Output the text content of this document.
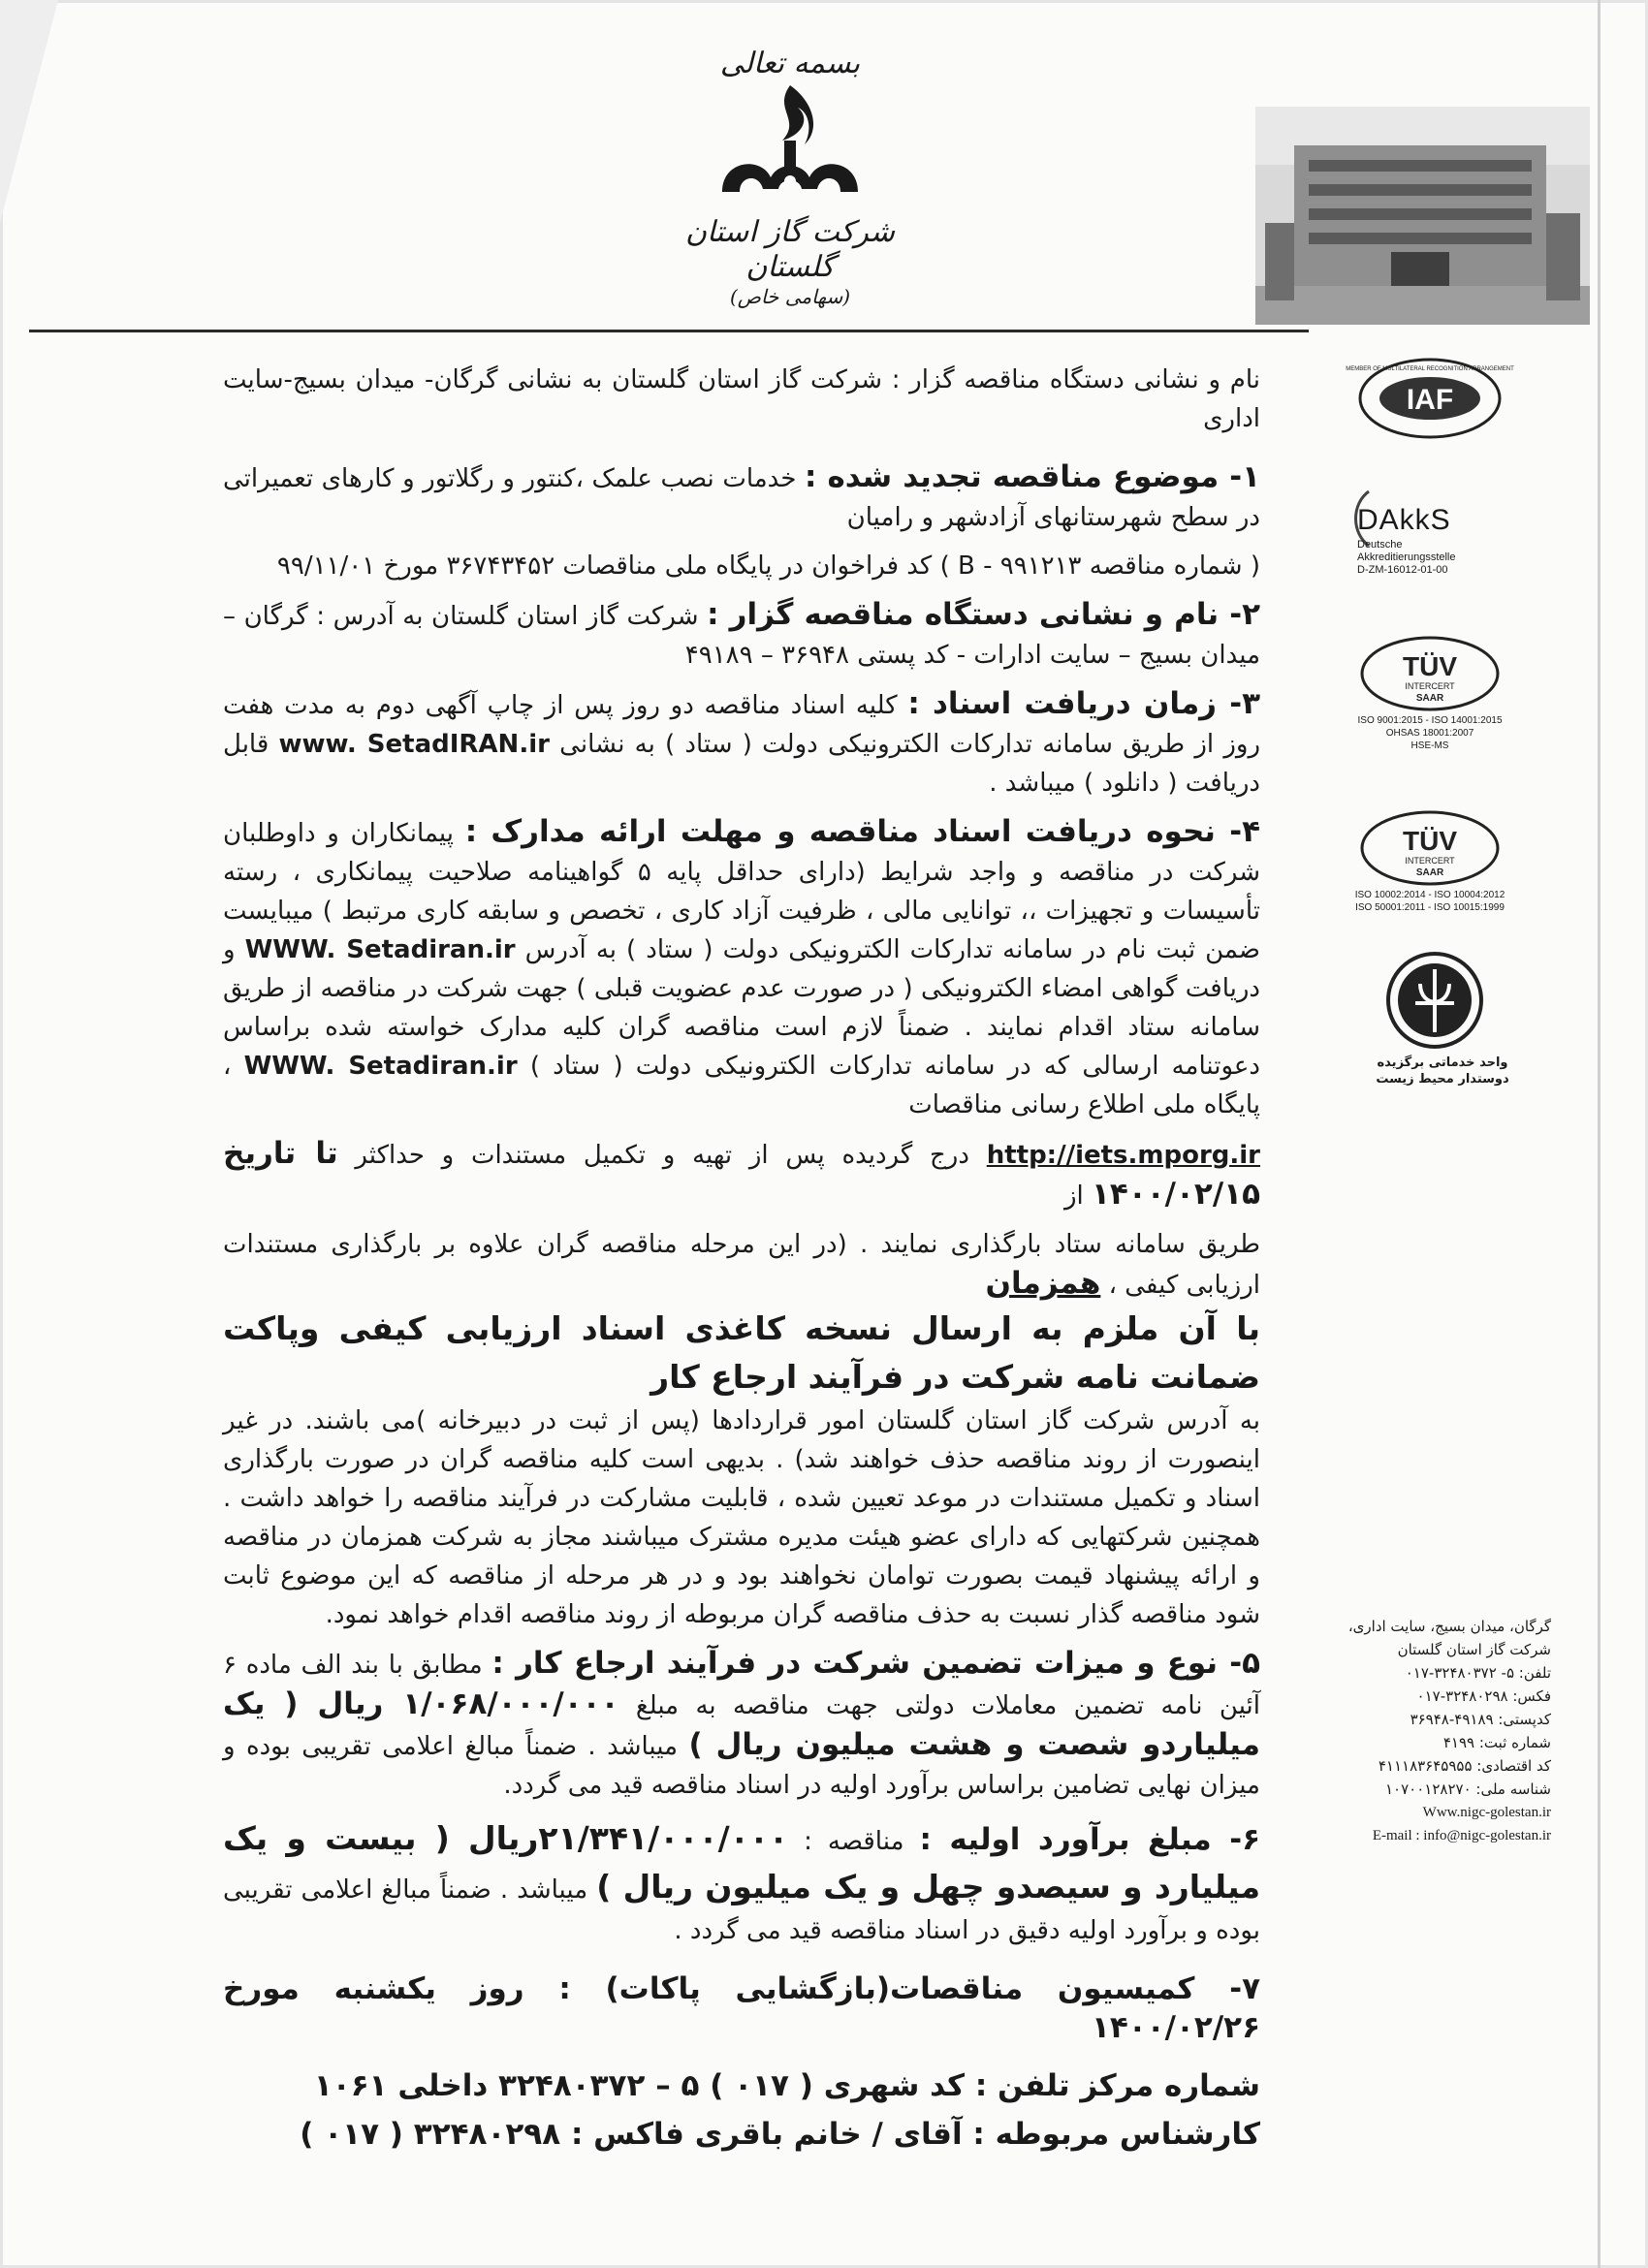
بسمه تعالی
شرکت گاز استان گلستان
(سهامی خاص)
IAF
MEMBER OF MULTILATERAL RECOGNITION ARRANGEMENT
DAkkS
Deutsche
Akkreditierungsstelle
D-ZM-16012-01-00
TÜV
INTERCERT
SAAR
ISO 9001:2015 - ISO 14001:2015
OHSAS 18001:2007
HSE-MS
TÜV
INTERCERT
SAAR
ISO 10002:2014 - ISO 10004:2012
ISO 50001:2011 - ISO 10015:1999
واحد خدماتی برگزیده
دوستدار محیط زیست

نام و نشانی دستگاه مناقصه گزار : شرکت گاز استان گلستان به نشانی گرگان- میدان بسیج-سایت اداری

۱- موضوع مناقصه تجدید شده : خدمات نصب علمک ،کنتور و رگلاتور و کارهای تعمیراتی در سطح شهرستانهای آزادشهر و رامیان

( شماره مناقصه B - ۹۹۱۲۱۳ ) کد فراخوان در پایگاه ملی مناقصات ۳۶۷۴۳۴۵۲ مورخ ۹۹/۱۱/۰۱

۲- نام و نشانی دستگاه مناقصه گزار : شرکت گاز استان گلستان به آدرس : گرگان – میدان بسیج – سایت ادارات - کد پستی ۳۶۹۴۸ – ۴۹۱۸۹

۳- زمان دریافت اسناد : کلیه اسناد مناقصه دو روز پس از چاپ آگهی دوم به مدت هفت روز از طریق سامانه تدارکات الکترونیکی دولت ( ستاد ) به نشانی www. SetadIRAN.ir قابل دریافت ( دانلود ) میباشد .

۴- نحوه دریافت اسناد مناقصه و مهلت ارائه مدارک : پیمانکاران و داوطلبان شرکت در مناقصه و واجد شرایط (دارای حداقل پایه ۵ گواهینامه صلاحیت پیمانکاری ، رسته تأسیسات و تجهیزات ،، توانایی مالی ، ظرفیت آزاد کاری ، تخصص و سابقه کاری مرتبط ) میبایست ضمن ثبت نام در سامانه تدارکات الکترونیکی دولت ( ستاد ) به آدرس WWW. Setadiran.ir و دریافت گواهی امضاء الکترونیکی ( در صورت عدم عضویت قبلی ) جهت شرکت در مناقصه از طریق سامانه ستاد اقدام نمایند . ضمناً لازم است مناقصه گران کلیه مدارک خواسته شده براساس دعوتنامه ارسالی که در سامانه تدارکات الکترونیکی دولت ( ستاد ) WWW. Setadiran.ir ، پایگاه ملی اطلاع رسانی مناقصات

http://iets.mporg.ir درج گردیده پس از تهیه و تکمیل مستندات و حداکثر تا تاریخ ۱۴۰۰/۰۲/۱۵ از

طریق سامانه ستاد بارگذاری نمایند . (در این مرحله مناقصه گران علاوه بر بارگذاری مستندات ارزیابی کیفی ، همزمان

با آن ملزم به ارسال نسخه کاغذی اسناد ارزیابی کیفی وپاکت ضمانت نامه شرکت در فرآیند ارجاع کار

به آدرس شرکت گاز استان گلستان امور قراردادها (پس از ثبت در دبیرخانه )می باشند. در غیر اینصورت از روند مناقصه حذف خواهند شد) . بدیهی است کلیه مناقصه گران در صورت بارگذاری اسناد و تکمیل مستندات در موعد تعیین شده ، قابلیت مشارکت در فرآیند مناقصه را خواهد داشت . همچنین شرکتهایی که دارای عضو هیئت مدیره مشترک میباشند مجاز به شرکت همزمان در مناقصه و ارائه پیشنهاد قیمت بصورت توامان نخواهند بود و در هر مرحله از مناقصه که این موضوع ثابت شود مناقصه گذار نسبت به حذف مناقصه گران مربوطه از روند مناقصه اقدام خواهد نمود.

۵- نوع و میزات تضمین شرکت در فرآیند ارجاع کار : مطابق با بند الف ماده ۶ آئین نامه تضمین معاملات دولتی جهت مناقصه به مبلغ ۱/۰۶۸/۰۰۰/۰۰۰ ریال ( یک میلیاردو شصت و هشت میلیون ریال ) میباشد . ضمناً مبالغ اعلامی تقریبی بوده و میزان نهایی تضامین براساس برآورد اولیه در اسناد مناقصه قید می گردد.

۶- مبلغ برآورد اولیه : مناقصه : ۲۱/۳۴۱/۰۰۰/۰۰۰ریال ( بیست و یک میلیارد و سیصدو چهل و یک میلیون ریال ) میباشد . ضمناً مبالغ اعلامی تقریبی بوده و برآورد اولیه دقیق در اسناد مناقصه قید می گردد .

۷- کمیسیون مناقصات(بازگشایی پاکات) : روز یکشنبه مورخ ۱۴۰۰/۰۲/۲۶

شماره مرکز تلفن : کد شهری ( ۰۱۷ ) ۵ – ۳۲۴۸۰۳۷۲ داخلی ۱۰۶۱

کارشناس مربوطه : آقای / خانم باقری فاکس : ۳۲۴۸۰۲۹۸ ( ۰۱۷ )

گرگان، میدان بسیج، سایت اداری،
شرکت گاز استان گلستان
تلفن: ۵- ۳۲۴۸۰۳۷۲-۰۱۷
فکس: ۳۲۴۸۰۲۹۸-۰۱۷
کدپستی: ۴۹۱۸۹-۳۶۹۴۸
شماره ثبت: ۴۱۹۹
کد اقتصادی: ۴۱۱۱۸۳۶۴۵۹۵۵
شناسه ملی: ۱۰۷۰۰۱۲۸۲۷۰
Www.nigc-golestan.ir
E-mail : info@nigc-golestan.ir
